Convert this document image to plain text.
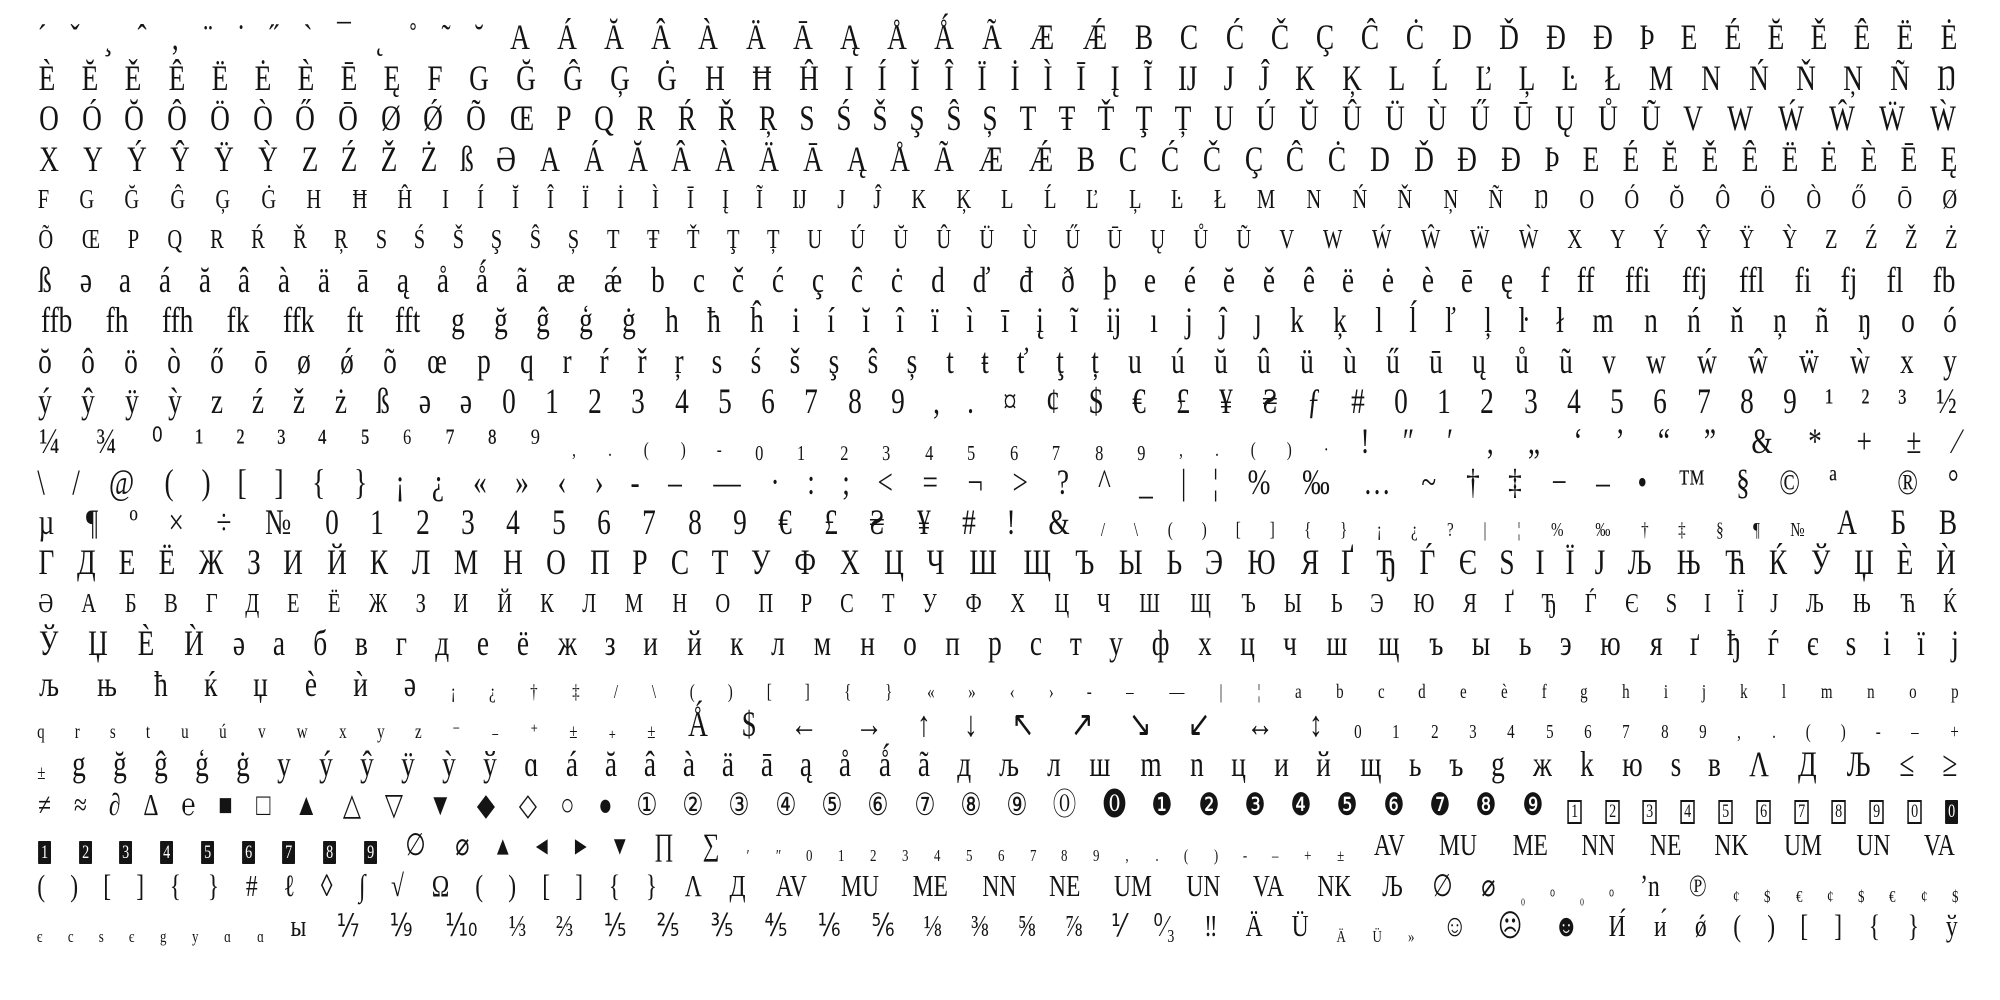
´ ˇ ¸ ˆ ‚ ¨ ˙ ˝ ` ¯ ˛ ˚ ˜ ˘ A Á Ă Â À Ä Ā Ą Å Ǻ Ã Æ Ǽ B C Ć Č Ç Ĉ Ċ D Ď Đ Ð Þ E É Ĕ Ě Ê Ë Ė
È Ĕ Ě Ê Ë Ė È Ē Ę F G Ğ Ĝ Ģ Ġ H Ħ Ĥ I Í Ĭ Î Ï İ Ì Ī Į Ĩ Ĳ J Ĵ K Ķ L Ĺ Ľ Ļ Ŀ Ł M N Ń Ň Ņ Ñ Ŋ
O Ó Ŏ Ô Ö Ò Ő Ō Ø Ǿ Õ Œ P Q R Ŕ Ř Ŗ S Ś Š Ş Ŝ Ș T Ŧ Ť Ţ Ț U Ú Ŭ Û Ü Ù Ű Ū Ų Ů Ũ V W Ẃ Ŵ Ẅ Ẁ
X Y Ý Ŷ Ÿ Ỳ Z Ź Ž Ż ß Ə A Á Ă Â À Ä Ā Ą Å Ã Æ Ǽ B C Ć Č Ç Ĉ Ċ D Ď Đ Ð Þ E É Ĕ Ě Ê Ë Ė È Ē Ę
F G Ğ Ĝ Ģ Ġ H Ħ Ĥ I Í Ĭ Î Ï İ Ì Ī Į Ĩ Ĳ J Ĵ K Ķ L Ĺ Ľ Ļ Ŀ Ł M N Ń Ň Ņ Ñ Ŋ O Ó Ŏ Ô Ö Ò Ő Ō Ø
Õ Œ P Q R Ŕ Ř Ŗ S Ś Š Ş Ŝ Ș T Ŧ Ť Ţ Ț U Ú Ŭ Û Ü Ù Ű Ū Ų Ů Ũ V W Ẃ Ŵ Ẅ Ẁ X Y Ý Ŷ Ÿ Ỳ Z Ź Ž Ż
ß ə a á ă â à ä ā ą å ǻ ã æ ǽ b c č ć ç ĉ ċ d ď đ ð þ e é ĕ ě ê ë ė è ē ę f ff ffi ffj ffl fi fj fl fb
ffb fh ffh fk ffk ft fft g ğ ĝ ģ ġ h ħ ĥ i í ĭ î ï ì ī į ĩ ĳ ı j ĵ ȷ k ķ l ĺ ľ ļ ŀ ł m n ń ň ņ ñ ŋ o ó
ŏ ô ö ò ő ō ø ǿ õ œ p q r ŕ ř ŗ s ś š ş ŝ ș t ŧ ť ţ ț u ú ŭ û ü ù ű ū ų ů ũ v w ẃ ŵ ẅ ẁ x y
ý ŷ ÿ ỳ z ź ž ż ß ə ǝ 0 1 2 3 4 5 6 7 8 9 , . ¤ ¢ $ € £ ¥ ₴ ƒ # 0 1 2 3 4 5 6 7 8 9 ¹ ² ³ ½
¼ ¾ ⁰ ¹ ² ³ ⁴ ⁵ ⁶ ⁷ ⁸ ⁹ , . ( ) - ₀ ₁ ₂ ₃ ₄ ₅ ₆ ₇ ₈ ₉ , . ( ) · ! ″ ′ ‚ „ ‘ ’ “ ” & * + ± ⁄
\ / @ ( ) [ ] { } ¡ ¿ « » ‹ › - – — · : ; < = ¬ > ? ^ _ | ¦ % ‰ … ~ † ‡ − – • ™ § © ª ® °
µ ¶ º × ÷ № 0 1 2 3 4 5 6 7 8 9 € £ ₴ ¥ # ! & / \ ( ) [ ] { } ¡ ¿ ? | ¦ % ‰ † ‡ § ¶ № А Б В
Г Д Е Ё Ж З И Й К Л М Н О П Р С Т У Ф Х Ц Ч Ш Щ Ъ Ы Ь Э Ю Я Ґ Ђ Ѓ Є Ѕ І Ї Ј Љ Њ Ћ Ќ Ў Џ Ѐ Ѝ
Ә А Б В Г Д Е Ё Ж З И Й К Л М Н О П Р С Т У Ф Х Ц Ч Ш Щ Ъ Ы Ь Э Ю Я Ґ Ђ Ѓ Є Ѕ І Ї Ј Љ Њ Ћ Ќ
Ў Џ Ѐ Ѝ ә а б в г д е ё ж з и й к л м н о п р с т у ф х ц ч ш щ ъ ы ь э ю я ґ ђ ѓ є ѕ і ї ј
љ њ ћ ќ џ ѐ ѝ ә ¡ ¿ † ‡ / \ ( ) [ ] { } « » ‹ › - – — | ¦ a b c d e è f g h i j k l m n o p
q r s t u ú v w x y z ⁻ ₋ ⁺ ± ₊ ± Ǻ $ ← → ↑ ↓ ↖ ↗ ↘ ↙ ↔ ↕ 0 1 2 3 4 5 6 7 8 9 , . ( ) - – +
± g ğ ĝ ģ ġ y ý ŷ ÿ ỳ ў ɑ á ă â à ä ā ą å ǻ ã д љ л ш m n ц и й щ ь ъ g ж k ю ѕ в Λ Д Љ ≤ ≥
≠ ≈ ∂ Δ ℮ ■ □ ▲ △ ▽ ▼ ◆ ◇ ○ ● ① ② ③ ④ ⑤ ⑥ ⑦ ⑧ ⑨ ⓪ ⓿ ❶ ❷ ❸ ❹ ❺ ❻ ❼ ❽ ❾ 1 2 3 4 5 6 7 8 9 0 0
1 2 3 4 5 6 7 8 9 ∅ ⌀ ▴ ◂ ▸ ▾ ∏ ∑ ′ ″ 0 1 2 3 4 5 6 7 8 9 , . ( ) - – + ± AV MU ME NN NE NK UM UN VA
( ) [ ] { } # ℓ ◊ ∫ √ Ω ( ) [ ] { } Λ Д AV MU ME NN NE UM UN VA NK Љ ∅ ⌀ ₀ ⁰ ₀ ⁰ ʼn ℗ ¢ $ € ¢ $ € ¢ $
є c ѕ є g y ɑ ɑ ы ⅐ ⅑ ⅒ ⅓ ⅔ ⅕ ⅖ ⅗ ⅘ ⅙ ⅚ ⅛ ⅜ ⅝ ⅞ ⅟ ⁰⁄₃ ‼ Ä Ü Ä Ü » ☺ ☹ ☻ И́ и́ ǿ ( ) [ ] { } ў
